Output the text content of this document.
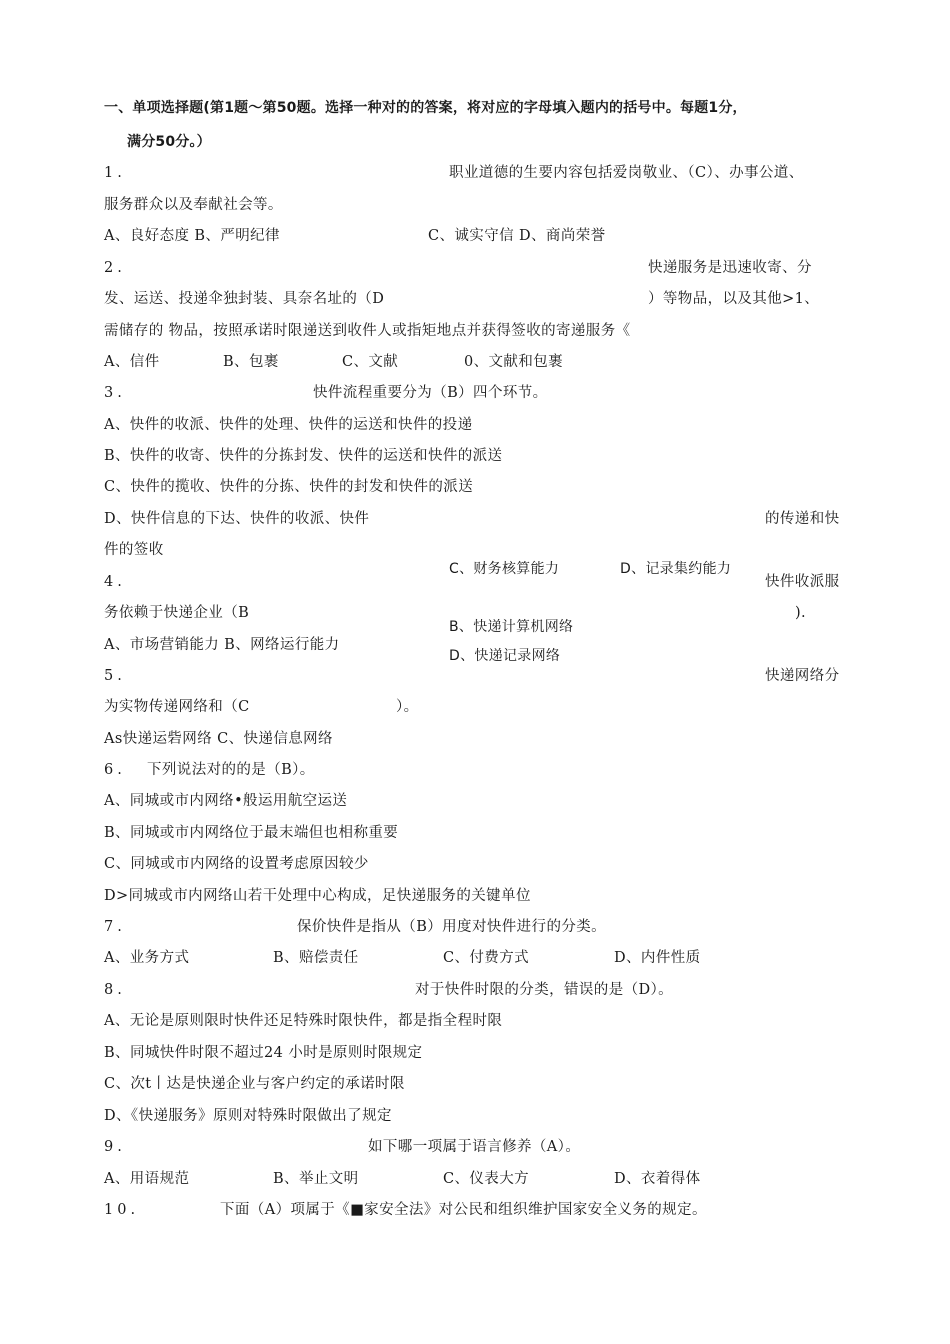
一、单项选择题(第1题〜第50题。选择一种对的的答案，将对应的字母填入题内的括号中。每题1分，
满分50分。）
1.	职业道德的生要内容包括爱岗敬业、（C）、办事公道、
服务群众以及奉献社会等。
A、良好态度 B、严明纪律	C、诚实守信 D、商尚荣誉
2.	快递服务是迅速收寄、分
发、运送、投递伞独封装、具奈名址的（D	）等物品，以及其他>1、
需储存的 物品，按照承诺时限递送到收件人或指矩地点并获得签收的寄递服务《
A、信件	B、包裹	C、文献	0、文献和包裹
3.	快件流程重要分为（B）四个环节。
A、快件的收派、快件的处理、快件的运送和快件的投递
B、快件的收寄、快件的分拣封发、快件的运送和快件的派送
C、快件的揽收、快件的分拣、快件的封发和快件的派送
D、快件信息的下达、快件的收派、快件	的传递和快
件的签收
4.
C、财务核算能力	D、记录集约能力
快件收派服
务依赖于快递企业（B	).
A、市场营销能力 B、网络运行能力
B、快递计算机网络
D、快递记录网络
5.	快递网络分
为实物传递网络和（C	）。
As快递运砦网络 C、快递信息网络
6. 下列说法对的的是（B）。
A、同城或市内网络•般运用航空运送
B、同城或市内网络位于最末端但也相称重要
C、同城或市内网络的设置考虑原因较少
D>同城或市内网络山若干处理中心构成，足快递服务的关键单位
7.	保价快件是指从（B）用度对快件进行的分类。
A、业务方式	B、赔偿责任	C、付费方式	D、内件性质
8.	对于快件时限的分类，错误的是（D）。
A、无论是原则限时快件还足特殊时限快件，都是指全程时限
B、同城快件时限不超过24 小时是原则时限规定
C、次t丨达是快递企业与客户约定的承诺时限
D、《快递服务》原则对特殊时限做出了规定
9.	如下哪一项属于语言修养（A）。
A、用语规范	B、举止文明	C、仪表大方	D、衣着得体
10.	下面（A）项属于《■家安全法》对公民和组织维护国家安全义务的规定。
